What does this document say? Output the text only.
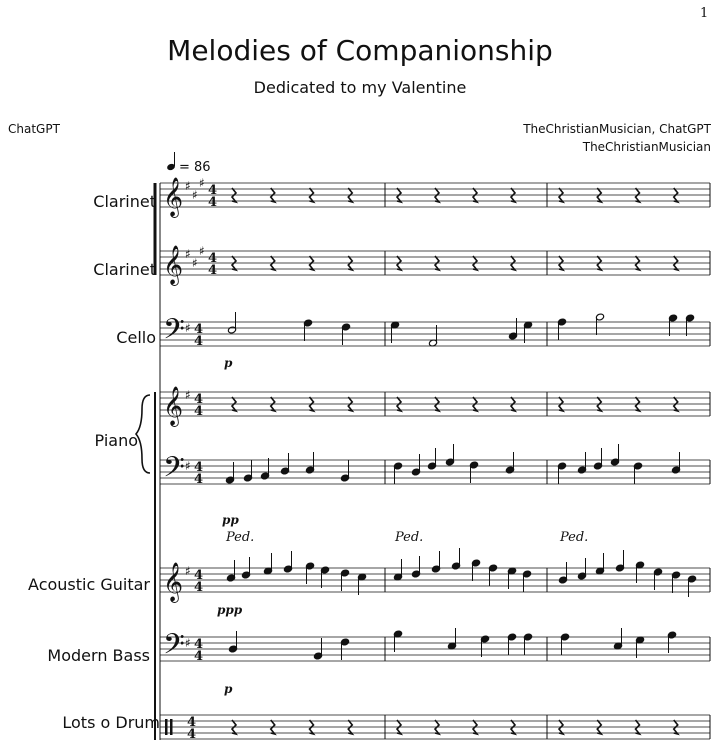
1
Melodies of Companionship
Dedicated to my Valentine
ChatGPT	TheChristianMusician, ChatGPT
TheChristianMusician
= 86
Clarinet
Clarinet
Cello
Piano
Acoustic Guitar
Modern Bass
Lots o Drum
p
pp
ppp
p
Ped.	Ped.	Ped.
𝄞 ♯
♯
♯ 4
4
𝄞 ♯
♯
♯ 4
4
𝄢 ♯ 4
4
𝄞 ♯ 4
4
𝄢 ♯ 4
4
𝄞 ♯ 4
4
𝄢 ♯ 4
4
4
4
